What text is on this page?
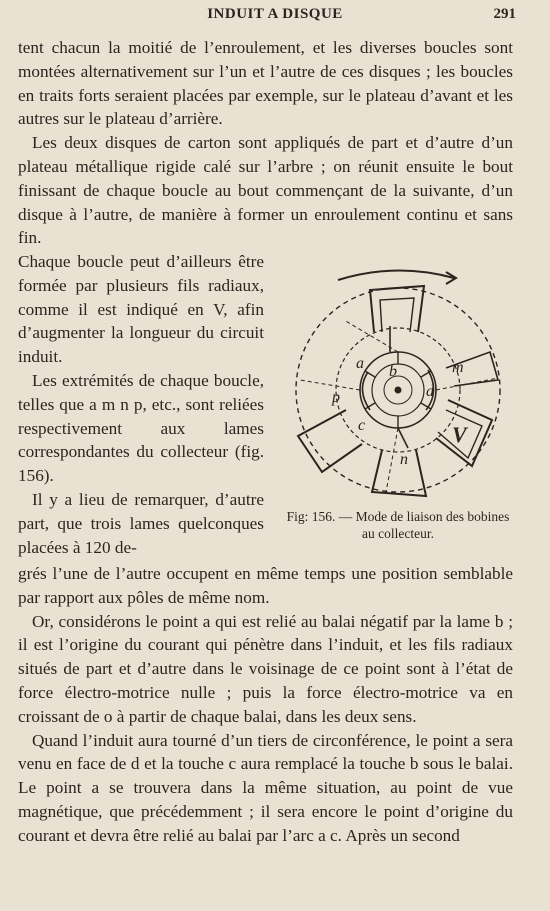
INDUIT A DISQUE	291

tent chacun la moitié de l’enroulement, et les diverses boucles sont montées alternativement sur l’un et l’autre de ces disques ; les boucles en traits forts seraient placées par exemple, sur le plateau d’avant et les autres sur le plateau d’arrière.

Les deux disques de carton sont appliqués de part et d’autre d’un plateau métallique rigide calé sur l’arbre ; on réunit ensuite le bout finissant de chaque boucle au bout commençant de la suivante, d’un disque à l’autre, de manière à former un enroulement continu et sans fin.

Chaque boucle peut d’ailleurs être formée par plusieurs fils radiaux, comme il est indiqué en V, afin d’augmenter la longueur du circuit induit.

Les extrémités de chaque boucle, telles que a m n p, etc., sont reliées respectivement aux lames correspondantes du collecteur (fig. 156).

Il y a lieu de remarquer, d’autre part, que trois lames quelconques placées à 120 de-

a b
c
d
m
n
p
V
Fig: 156. — Mode de liaison des bobines au collecteur.

grés l’une de l’autre occupent en même temps une position semblable par rapport aux pôles de même nom.

Or, considérons le point a qui est relié au balai négatif par la lame b ; il est l’origine du courant qui pénètre dans l’induit, et les fils radiaux situés de part et d’autre dans le voisinage de ce point sont à l’état de force électro-motrice nulle ; puis la force électro-motrice va en croissant de o à partir de chaque balai, dans les deux sens.

Quand l’induit aura tourné d’un tiers de circonférence, le point a sera venu en face de d et la touche c aura remplacé la touche b sous le balai. Le point a se trouvera dans la même situation, au point de vue magnétique, que précédemment ; il sera encore le point d’origine du courant et devra être relié au balai par l’arc a c. Après un second
